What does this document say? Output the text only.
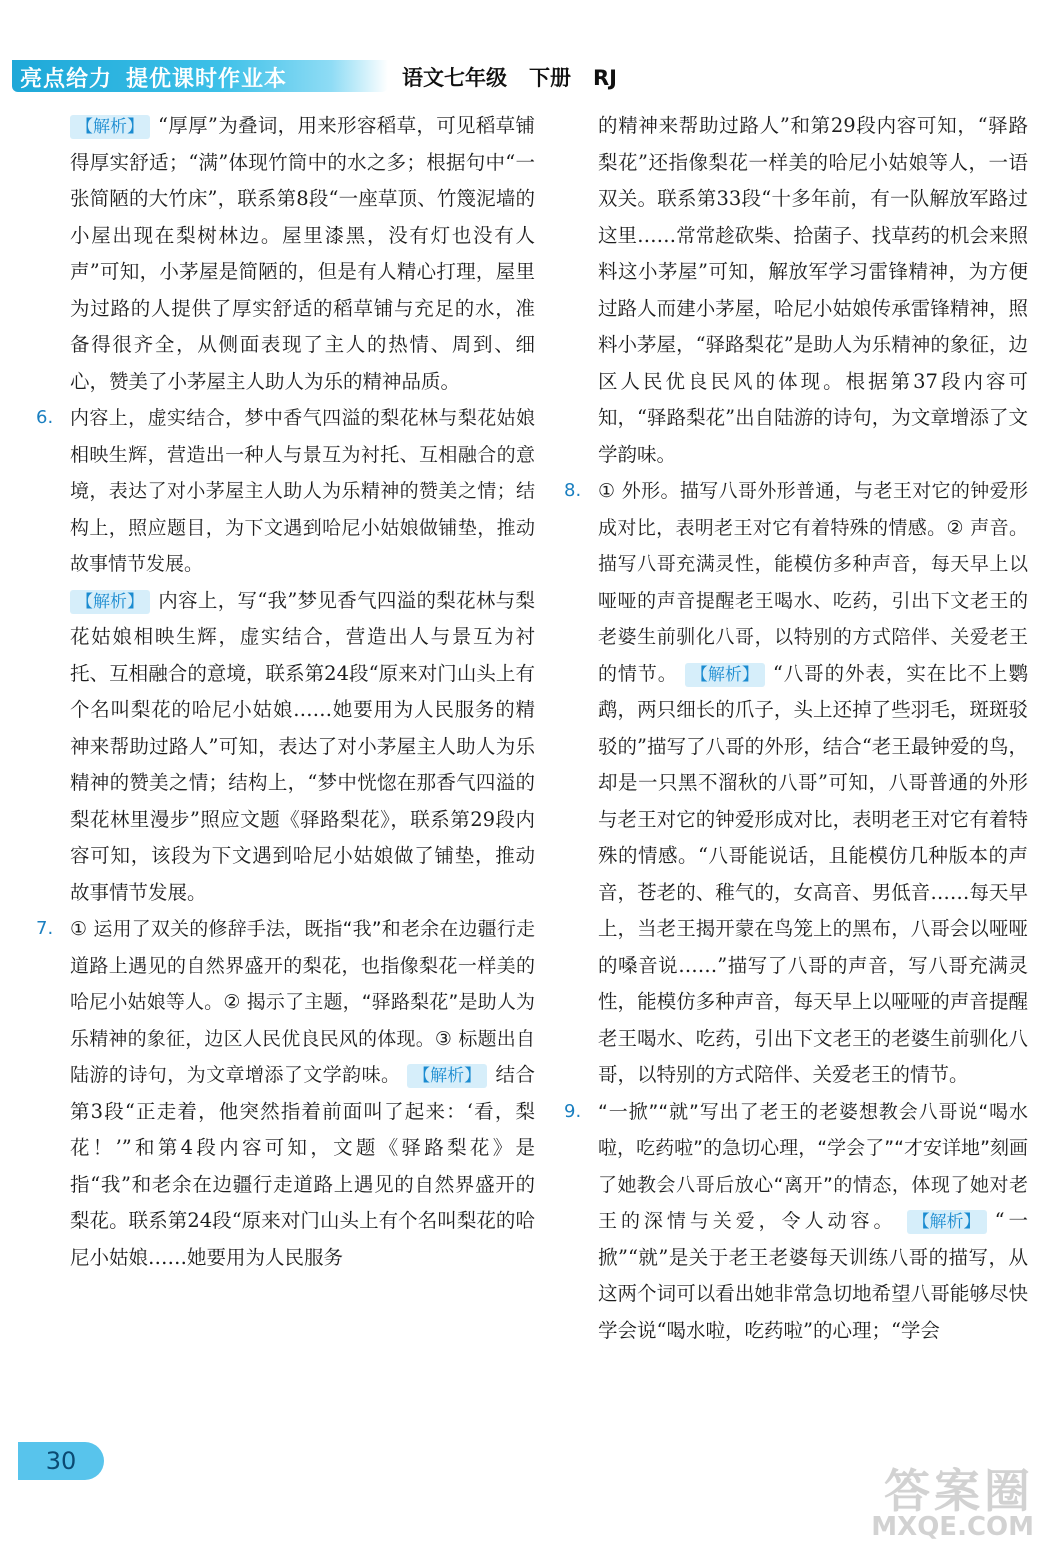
亮点给力 提优课时作业本	语文七年级 下册 RJ

【解析】 “厚厚”为叠词，用来形容稻草，可见稻草铺得厚实舒适；“满”体现竹筒中的水之多；根据句中“一张简陋的大竹床”，联系第8段“一座草顶、竹篾泥墙的小屋出现在梨树林边。屋里漆黑，没有灯也没有人声”可知，小茅屋是简陋的，但是有人精心打理，屋里为过路的人提供了厚实舒适的稻草铺与充足的水，准备得很齐全，从侧面表现了主人的热情、周到、细心，赞美了小茅屋主人助人为乐的精神品质。

6. 内容上，虚实结合，梦中香气四溢的梨花林与梨花姑娘相映生辉，营造出一种人与景互为衬托、互相融合的意境，表达了对小茅屋主人助人为乐精神的赞美之情；结构上，照应题目，为下文遇到哈尼小姑娘做铺垫，推动故事情节发展。

【解析】 内容上，写“我”梦见香气四溢的梨花林与梨花姑娘相映生辉，虚实结合，营造出人与景互为衬托、互相融合的意境，联系第24段“原来对门山头上有个名叫梨花的哈尼小姑娘……她要用为人民服务的精神来帮助过路人”可知，表达了对小茅屋主人助人为乐精神的赞美之情；结构上，“梦中恍惚在那香气四溢的梨花林里漫步”照应文题《驿路梨花》，联系第29段内容可知，该段为下文遇到哈尼小姑娘做了铺垫，推动故事情节发展。

7. ① 运用了双关的修辞手法，既指“我”和老余在边疆行走道路上遇见的自然界盛开的梨花，也指像梨花一样美的哈尼小姑娘等人。② 揭示了主题，“驿路梨花”是助人为乐精神的象征，边区人民优良民风的体现。③ 标题出自陆游的诗句，为文章增添了文学韵味。 【解析】 结合第3段“正走着，他突然指着前面叫了起来：‘看，梨花！’”和第4段内容可知，文题《驿路梨花》是指“我”和老余在边疆行走道路上遇见的自然界盛开的梨花。联系第24段“原来对门山头上有个名叫梨花的哈尼小姑娘……她要用为人民服务

的精神来帮助过路人”和第29段内容可知，“驿路梨花”还指像梨花一样美的哈尼小姑娘等人，一语双关。联系第33段“十多年前，有一队解放军路过这里……常常趁砍柴、拾菌子、找草药的机会来照料这小茅屋”可知，解放军学习雷锋精神，为方便过路人而建小茅屋，哈尼小姑娘传承雷锋精神，照料小茅屋，“驿路梨花”是助人为乐精神的象征，边区人民优良民风的体现。根据第37段内容可知，“驿路梨花”出自陆游的诗句，为文章增添了文学韵味。

8. ① 外形。描写八哥外形普通，与老王对它的钟爱形成对比，表明老王对它有着特殊的情感。② 声音。描写八哥充满灵性，能模仿多种声音，每天早上以哑哑的声音提醒老王喝水、吃药，引出下文老王的老婆生前驯化八哥，以特别的方式陪伴、关爱老王的情节。 【解析】 “八哥的外表，实在比不上鹦鹉，两只细长的爪子，头上还掉了些羽毛，斑斑驳驳的”描写了八哥的外形，结合“老王最钟爱的鸟，却是一只黑不溜秋的八哥”可知，八哥普通的外形与老王对它的钟爱形成对比，表明老王对它有着特殊的情感。“八哥能说话，且能模仿几种版本的声音，苍老的、稚气的，女高音、男低音……每天早上，当老王揭开蒙在鸟笼上的黑布，八哥会以哑哑的嗓音说……”描写了八哥的声音，写八哥充满灵性，能模仿多种声音，每天早上以哑哑的声音提醒老王喝水、吃药，引出下文老王的老婆生前驯化八哥，以特别的方式陪伴、关爱老王的情节。

9. “一掀”“就”写出了老王的老婆想教会八哥说“喝水啦，吃药啦”的急切心理，“学会了”“才安详地”刻画了她教会八哥后放心“离开”的情态，体现了她对老王的深情与关爱，令人动容。 【解析】 “一掀”“就”是关于老王老婆每天训练八哥的描写，从这两个词可以看出她非常急切地希望八哥能够尽快学会说“喝水啦，吃药啦”的心理；“学会

30
答案圈
MXQE.COM
